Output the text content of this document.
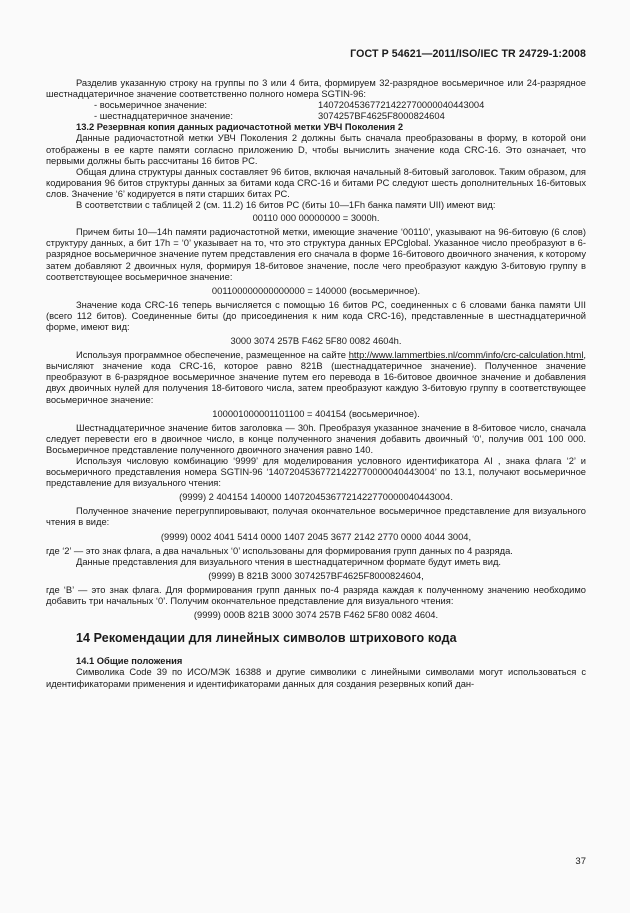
ГОСТ Р 54621—2011/ISO/IEC TR 24729-1:2008

Разделив указанную строку на группы по 3 или 4 бита, формируем 32-разрядное восьмеричное или 24-разрядное шестнадцатеричное значение соответственно полного номера SGTIN-96:

- восьмеричное значение:	14072045367721422770000040443004
- шестнадцатеричное значение:	3074257BF4625F8000824604

13.2 Резервная копия данных радиочастотной метки УВЧ Поколения 2

Данные радиочастотной метки УВЧ Поколения 2 должны быть сначала преобразованы в форму, в которой они отображены в ее карте памяти согласно приложению D, чтобы вычислить значение кода CRC-16. Это означает, что первыми должны быть рассчитаны 16 битов PC.

Общая длина структуры данных составляет 96 битов, включая начальный 8-битовый заголовок. Таким образом, для кодирования 96 битов структуры данных за битами кода CRC-16 и битами PC следуют шесть дополнительных 16-битовых слов. Значение ‘6’ кодируется в пяти старших битах PC.

В соответствии с таблицей 2 (см. 11.2) 16 битов PC (биты 10—1Fh банка памяти UII) имеют вид:

00110 000 00000000 = 3000h.

Причем биты 10—14h памяти радиочастотной метки, имеющие значение ‘00110’, указывают на 96-битовую (6 слов) структуру данных, а бит 17h = ‘0’ указывает на то, что это структура данных EPCglobal. Указанное число преобразуют в 6-разрядное восьмеричное значение путем представления его сначала в форме 16-битового двоичного значения, к которому затем добавляют 2 двоичных нуля, формируя 18-битовое значение, после чего преобразуют каждую 3-битовую группу в соответствующее восьмеричное значение:

001100000000000000 = 140000 (восьмеричное).

Значение кода CRC-16 теперь вычисляется с помощью 16 битов PC, соединенных с 6 словами банка памяти UII (всего 112 битов). Соединенные биты (до присоединения к ним кода CRC-16), представленные в шестнадцатеричной форме, имеют вид:

3000 3074 257B F462 5F80 0082 4604h.

Используя программное обеспечение, размещенное на сайте http://www.lammertbies.nl/comm/info/crc-calculation.html, вычисляют значение кода CRC-16, которое равно 821B (шестнадцатеричное значение). Полученное значение преобразуют в 6-разрядное восьмеричное значение путем его перевода в 16-битовое двоичное значение и добавления двух двоичных нулей для получения 18-битового числа, затем преобразуют каждую 3-битовую группу в соответствующее восьмеричное значение:

100001000001101100 = 404154 (восьмеричное).

Шестнадцатеричное значение битов заголовка — 30h. Преобразуя указанное значение в 8-битовое число, сначала следует перевести его в двоичное число, в конце полученного значения добавить двоичный ‘0’, получив 001 100 000. Восьмеричное представление полученного двоичного значения равно 140.

Используя числовую комбинацию ‘9999’ для моделирования условного идентификатора AI , знака флага ‘2’ и восьмеричного представления номера SGTIN-96 ‘14072045367721422770000040443004’ по 13.1, получают восьмеричное представление для визуального чтения:

(9999) 2 404154 140000 14072045367721422770000040443004.

Полученное значение перегруппировывают, получая окончательное восьмеричное представление для визуального чтения в виде:

(9999) 0002 4041 5414 0000 1407 2045 3677 2142 2770 0000 4044 3004,

где ‘2’ — это знак флага, а два начальных ‘0’ использованы для формирования групп данных по 4 разряда.

Данные представления для визуального чтения в шестнадцатеричном формате будут иметь вид.

(9999) B 821B 3000 3074257BF4625F8000824604,

где ‘B’ — это знак флага. Для формирования групп данных по-4 разряда каждая к полученному значению необходимо добавить три начальных ‘0’. Получим окончательное представление для визуального чтения:

(9999) 000B 821B 3000 3074 257B F462 5F80 0082 4604.

14 Рекомендации для линейных символов штрихового кода

14.1 Общие положения

Символика Code 39 по ИСО/МЭК 16388 и другие символики с линейными символами могут использоваться с идентификаторами применения и идентификаторами данных для создания резервных копий дан-

37
